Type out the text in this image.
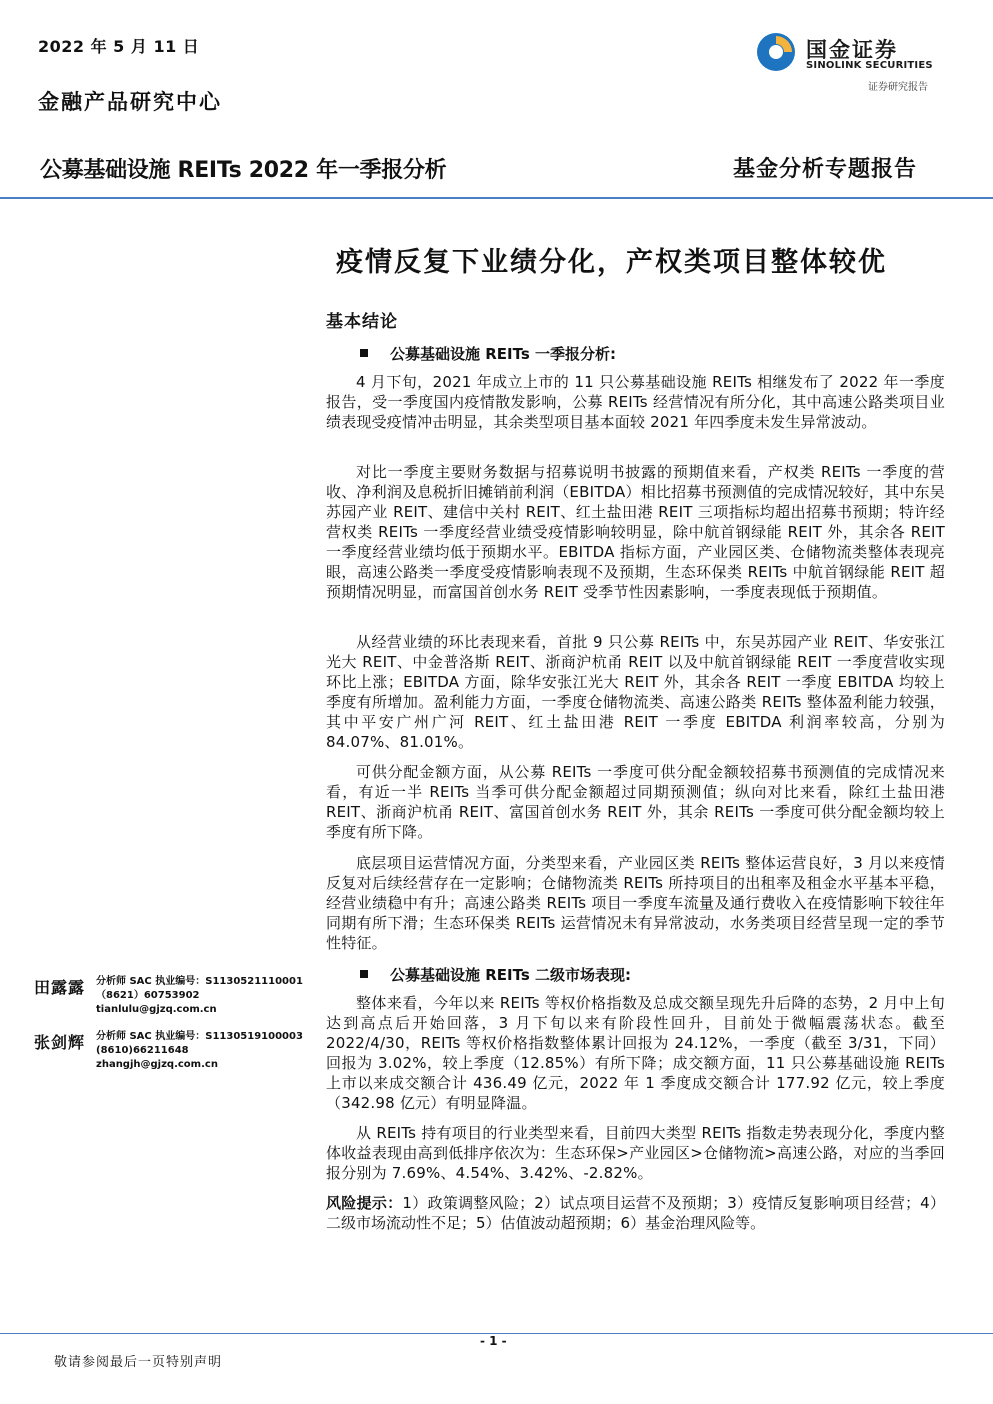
2022 年 5 月 11 日
金融产品研究中心
国金证券
SINOLINK SECURITIES
证券研究报告
公募基础设施 REITs 2022 年一季报分析	基金分析专题报告
疫情反复下业绩分化，产权类项目整体较优
基本结论
公募基础设施 REITs 一季报分析:

4 月下旬，2021 年成立上市的 11 只公募基础设施 REITs 相继发布了 2022 年一季度报告，受一季度国内疫情散发影响，公募 REITs 经营情况有所分化，其中高速公路类项目业绩表现受疫情冲击明显，其余类型项目基本面较 2021 年四季度未发生异常波动。

对比一季度主要财务数据与招募说明书披露的预期值来看，产权类 REITs 一季度的营收、净利润及息税折旧摊销前利润（EBITDA）相比招募书预测值的完成情况较好，其中东吴苏园产业 REIT、建信中关村 REIT、红土盐田港 REIT 三项指标均超出招募书预期；特许经营权类 REITs 一季度经营业绩受疫情影响较明显，除中航首钢绿能 REIT 外，其余各 REIT 一季度经营业绩均低于预期水平。EBITDA 指标方面，产业园区类、仓储物流类整体表现亮眼，高速公路类一季度受疫情影响表现不及预期，生态环保类 REITs 中航首钢绿能 REIT 超预期情况明显，而富国首创水务 REIT 受季节性因素影响，一季度表现低于预期值。

从经营业绩的环比表现来看，首批 9 只公募 REITs 中，东吴苏园产业 REIT、华安张江光大 REIT、中金普洛斯 REIT、浙商沪杭甬 REIT 以及中航首钢绿能 REIT 一季度营收实现环比上涨；EBITDA 方面，除华安张江光大 REIT 外，其余各 REIT 一季度 EBITDA 均较上季度有所增加。盈利能力方面，一季度仓储物流类、高速公路类 REITs 整体盈利能力较强，其中平安广州广河 REIT、红土盐田港 REIT 一季度 EBITDA 利润率较高，分别为 84.07%、81.01%。

可供分配金额方面，从公募 REITs 一季度可供分配金额较招募书预测值的完成情况来看，有近一半 REITs 当季可供分配金额超过同期预测值；纵向对比来看，除红土盐田港 REIT、浙商沪杭甬 REIT、富国首创水务 REIT 外，其余 REITs 一季度可供分配金额均较上季度有所下降。

底层项目运营情况方面，分类型来看，产业园区类 REITs 整体运营良好，3 月以来疫情反复对后续经营存在一定影响；仓储物流类 REITs 所持项目的出租率及租金水平基本平稳，经营业绩稳中有升；高速公路类 REITs 项目一季度车流量及通行费收入在疫情影响下较往年同期有所下滑；生态环保类 REITs 运营情况未有异常波动，水务类项目经营呈现一定的季节性特征。

公募基础设施 REITs 二级市场表现:

整体来看，今年以来 REITs 等权价格指数及总成交额呈现先升后降的态势，2 月中上旬达到高点后开始回落，3 月下旬以来有阶段性回升，目前处于微幅震荡状态。截至 2022/4/30，REITs 等权价格指数整体累计回报为 24.12%，一季度（截至 3/31，下同）回报为 3.02%，较上季度（12.85%）有所下降；成交额方面，11 只公募基础设施 REITs 上市以来成交额合计 436.49 亿元，2022 年 1 季度成交额合计 177.92 亿元，较上季度（342.98 亿元）有明显降温。

从 REITs 持有项目的行业类型来看，目前四大类型 REITs 指数走势表现分化，季度内整体收益表现由高到低排序依次为：生态环保>产业园区>仓储物流>高速公路，对应的当季回报分别为 7.69%、4.54%、3.42%、-2.82%。

风险提示：1）政策调整风险；2）试点项目运营不及预期；3）疫情反复影响项目经营；4）二级市场流动性不足；5）估值波动超预期；6）基金治理风险等。

田露露 分析师 SAC 执业编号：S1130521110001
（8621）60753902
tianlulu@gjzq.com.cn
张剑辉 分析师 SAC 执业编号：S1130519100003
(8610)66211648
zhangjh@gjzq.com.cn
- 1 -
敬请参阅最后一页特别声明
